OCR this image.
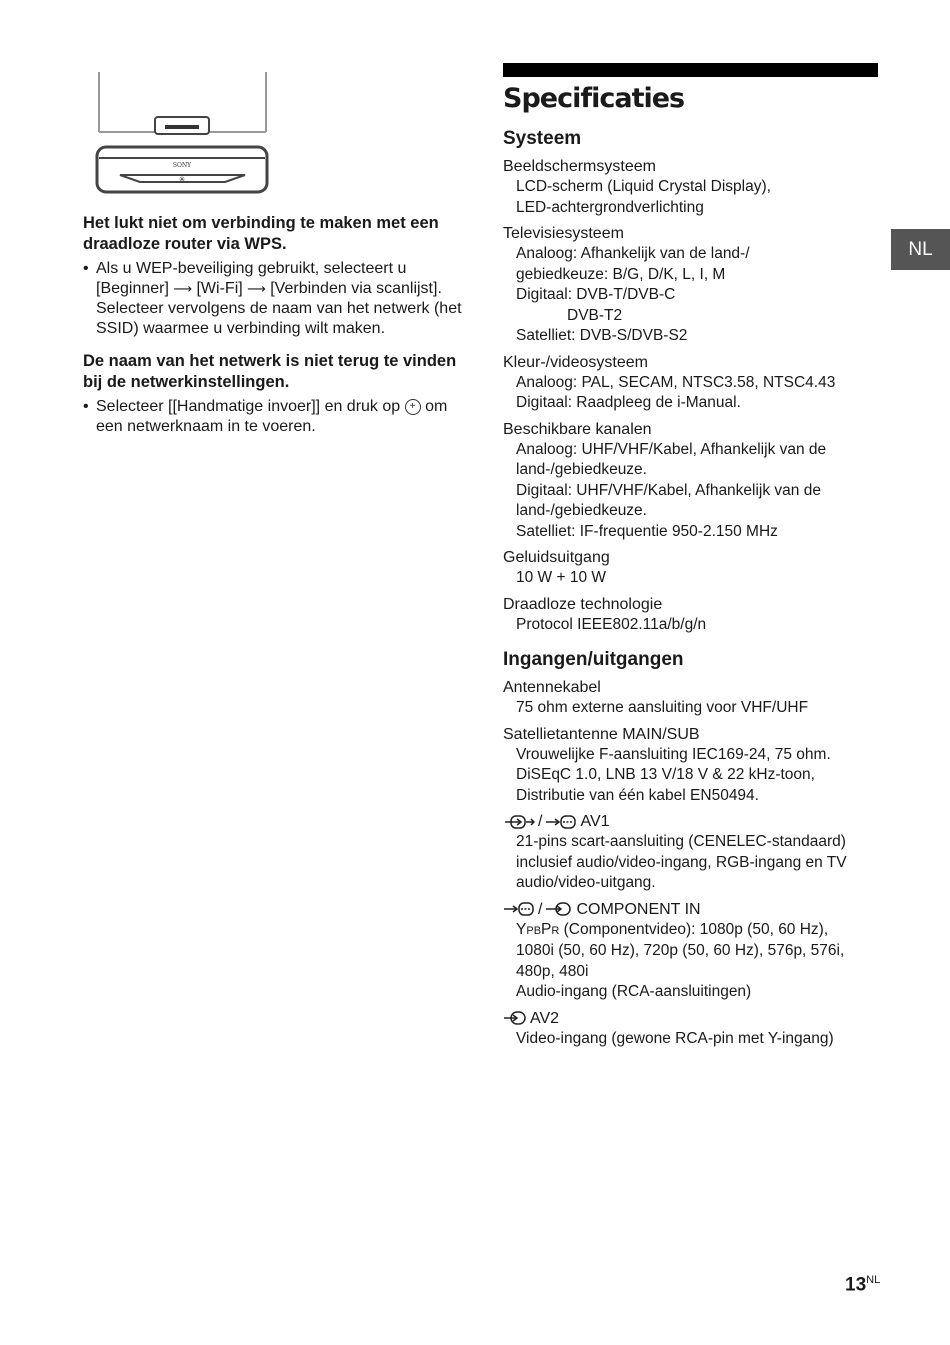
SONY
✳

Het lukt niet om verbinding te maken met een draadloze router via WPS.

• Als u WEP-beveiliging gebruikt, selecteert u [Beginner] ⟶ [Wi-Fi] ⟶ [Verbinden via scanlijst]. Selecteer vervolgens de naam van het netwerk (het SSID) waarmee u verbinding wilt maken.

De naam van het netwerk is niet terug te vinden bij de netwerkinstellingen.

• Selecteer [[Handmatige invoer]] en druk op + om een netwerknaam in te voeren.
Specificaties
Systeem
Beeldschermsysteem
LCD-scherm (Liquid Crystal Display),
LED-achtergrondverlichting
Televisiesysteem
Analoog: Afhankelijk van de land-/
gebiedkeuze: B/G, D/K, L, I, M
Digitaal: DVB-T/DVB-C
DVB-T2
Satelliet: DVB-S/DVB-S2
Kleur-/videosysteem
Analoog: PAL, SECAM, NTSC3.58, NTSC4.43
Digitaal: Raadpleeg de i-Manual.
Beschikbare kanalen
Analoog: UHF/VHF/Kabel, Afhankelijk van de
land-/gebiedkeuze.
Digitaal: UHF/VHF/Kabel, Afhankelijk van de
land-/gebiedkeuze.
Satelliet: IF-frequentie 950-2.150 MHz
Geluidsuitgang
10 W + 10 W
Draadloze technologie
Protocol IEEE802.11a/b/g/n
Ingangen/uitgangen
Antennekabel
75 ohm externe aansluiting voor VHF/UHF
Satellietantenne MAIN/SUB
Vrouwelijke F-aansluiting IEC169-24, 75 ohm.
DiSEqC 1.0, LNB 13 V/18 V & 22 kHz-toon,
Distributie van één kabel EN50494.
/ AV1
21-pins scart-aansluiting (CENELEC-standaard)
inclusief audio/video-ingang, RGB-ingang en TV
audio/video-uitgang.
/ COMPONENT IN
YPBPR (Componentvideo): 1080p (50, 60 Hz),
1080i (50, 60 Hz), 720p (50, 60 Hz), 576p, 576i,
480p, 480i
Audio-ingang (RCA-aansluitingen)
AV2
Video-ingang (gewone RCA-pin met Y-ingang)
NL
$13^{NL}$
